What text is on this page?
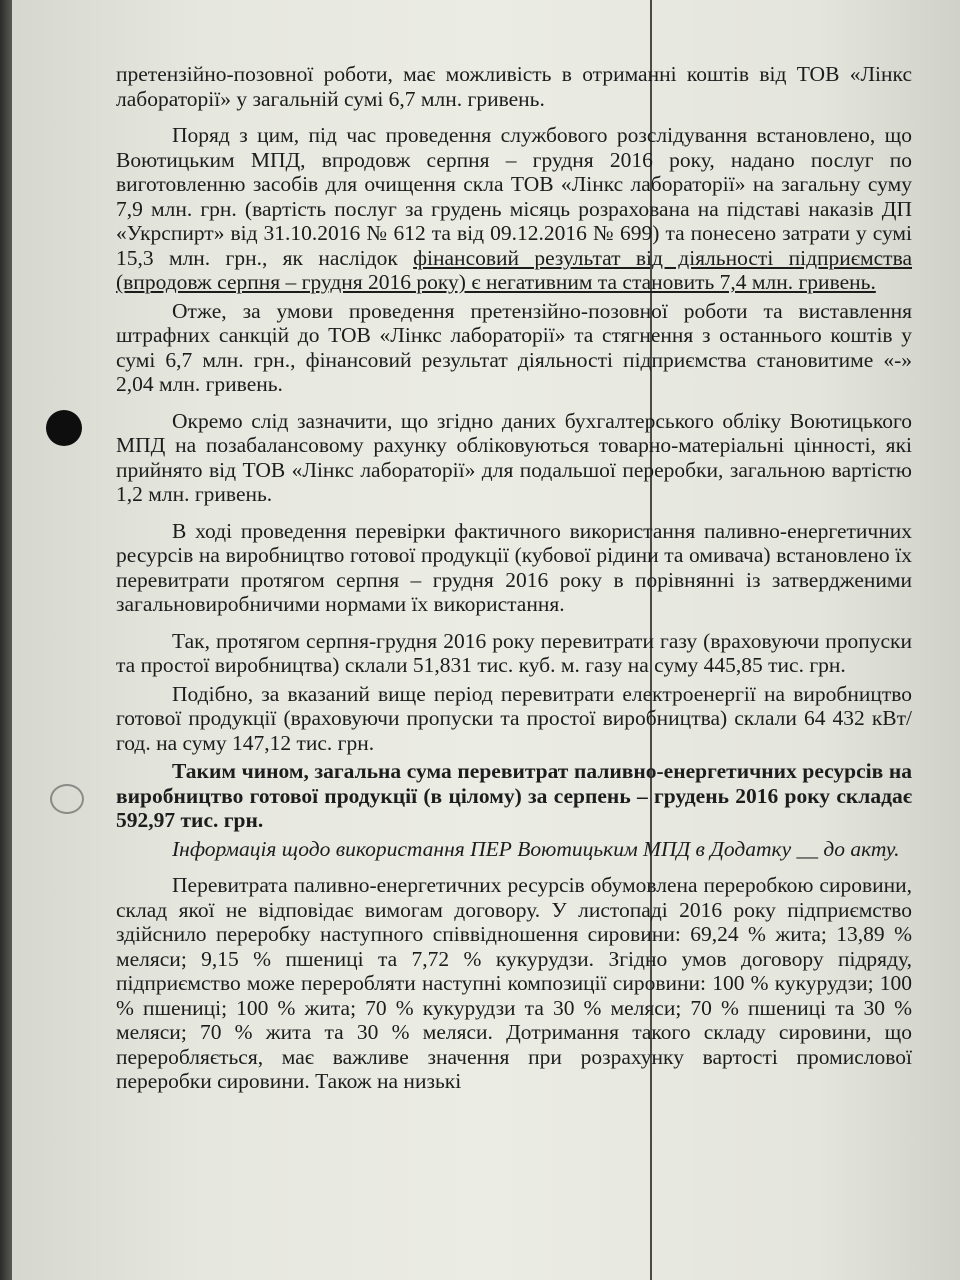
претензійно-позовної роботи, має можливість в отриманні коштів від ТОВ «Лінкс лабораторії» у загальній сумі 6,7 млн. гривень.

Поряд з цим, під час проведення службового розслідування встановлено, що Воютицьким МПД, впродовж серпня – грудня 2016 року, надано послуг по виготовленню засобів для очищення скла ТОВ «Лінкс лабораторії» на загальну суму 7,9 млн. грн. (вартість послуг за грудень місяць розрахована на підставі наказів ДП «Укрспирт» від 31.10.2016 № 612 та від 09.12.2016 № 699) та понесено затрати у сумі 15,3 млн. грн., як наслідок фінансовий результат від діяльності підприємства (впродовж серпня – грудня 2016 року) є негативним та становить 7,4 млн. гривень.

Отже, за умови проведення претензійно-позовної роботи та виставлення штрафних санкцій до ТОВ «Лінкс лабораторії» та стягнення з останнього коштів у сумі 6,7 млн. грн., фінансовий результат діяльності підприємства становитиме «-» 2,04 млн. гривень.

Окремо слід зазначити, що згідно даних бухгалтерського обліку Воютицького МПД на позабалансовому рахунку обліковуються товарно-матеріальні цінності, які прийнято від ТОВ «Лінкс лабораторії» для подальшої переробки, загальною вартістю 1,2 млн. гривень.

В ході проведення перевірки фактичного використання паливно-енергетичних ресурсів на виробництво готової продукції (кубової рідини та омивача) встановлено їх перевитрати протягом серпня – грудня 2016 року в порівнянні із затвердженими загальновиробничими нормами їх використання.

Так, протягом серпня-грудня 2016 року перевитрати газу (враховуючи пропуски та простої виробництва) склали 51,831 тис. куб. м. газу на суму 445,85 тис. грн.

Подібно, за вказаний вище період перевитрати електроенергії на виробництво готової продукції (враховуючи пропуски та простої виробництва) склали 64 432 кВт/год. на суму 147,12 тис. грн.

Таким чином, загальна сума перевитрат паливно-енергетичних ресурсів на виробництво готової продукції (в цілому) за серпень – грудень 2016 року складає 592,97 тис. грн.

Інформація щодо використання ПЕР Воютицьким МПД в Додатку __ до акту.

Перевитрата паливно-енергетичних ресурсів обумовлена переробкою сировини, склад якої не відповідає вимогам договору. У листопаді 2016 року підприємство здійснило переробку наступного співвідношення сировини: 69,24 % жита; 13,89 % меляси; 9,15 % пшениці та 7,72 % кукурудзи. Згідно умов договору підряду, підприємство може переробляти наступні композиції сировини: 100 % кукурудзи; 100 % пшениці; 100 % жита; 70 % кукурудзи та 30 % меляси; 70 % пшениці та 30 % меляси; 70 % жита та 30 % меляси. Дотримання такого складу сировини, що переробляється, має важливе значення при розрахунку вартості промислової переробки сировини. Також на низькі
